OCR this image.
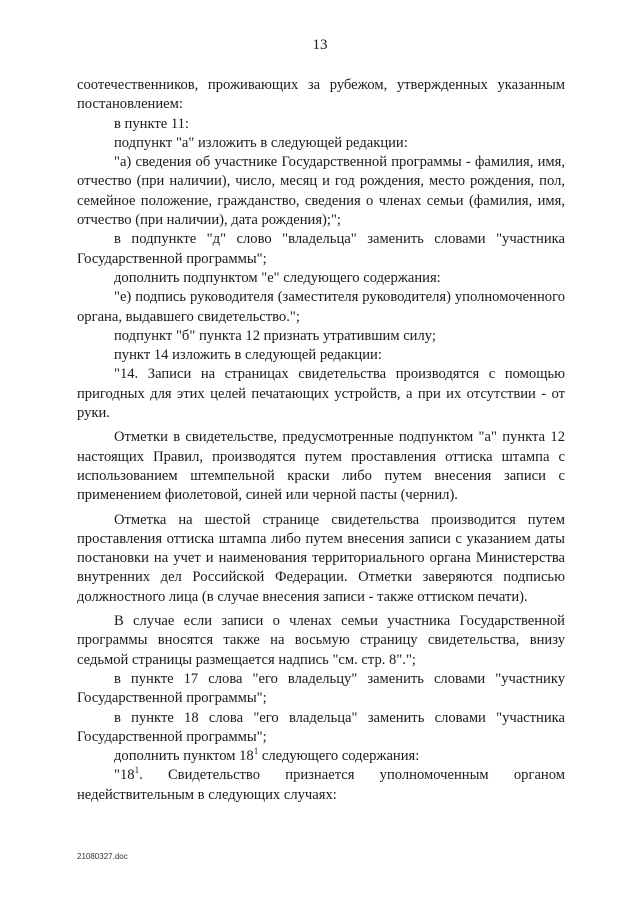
13

соотечественников, проживающих за рубежом, утвержденных указанным постановлением:

в пункте 11:

подпункт "а" изложить в следующей редакции:

"а) сведения об участнике Государственной программы - фамилия, имя, отчество (при наличии), число, месяц и год рождения, место рождения, пол, семейное положение, гражданство, сведения о членах семьи (фамилия, имя, отчество (при наличии), дата рождения);";

в подпункте "д" слово "владельца" заменить словами "участника Государственной программы";

дополнить подпунктом "е" следующего содержания:

"е) подпись руководителя (заместителя руководителя) уполномоченного органа, выдавшего свидетельство.";

подпункт "б" пункта 12 признать утратившим силу;

пункт 14 изложить в следующей редакции:

"14. Записи на страницах свидетельства производятся с помощью пригодных для этих целей печатающих устройств, а при их отсутствии - от руки.

Отметки в свидетельстве, предусмотренные подпунктом "а" пункта 12 настоящих Правил, производятся путем проставления оттиска штампа с использованием штемпельной краски либо путем внесения записи с применением фиолетовой, синей или черной пасты (чернил).

Отметка на шестой странице свидетельства производится путем проставления оттиска штампа либо путем внесения записи с указанием даты постановки на учет и наименования территориального органа Министерства внутренних дел Российской Федерации. Отметки заверяются подписью должностного лица (в случае внесения записи - также оттиском печати).

В случае если записи о членах семьи участника Государственной программы вносятся также на восьмую страницу свидетельства, внизу седьмой страницы размещается надпись "см. стр. 8".";

в пункте 17 слова "его владельцу" заменить словами "участнику Государственной программы";

в пункте 18 слова "его владельца" заменить словами "участника Государственной программы";

дополнить пунктом $18^1$ следующего содержания:

"$18^1$. Свидетельство признается уполномоченным органом недействительным в следующих случаях:

21080327.doc
